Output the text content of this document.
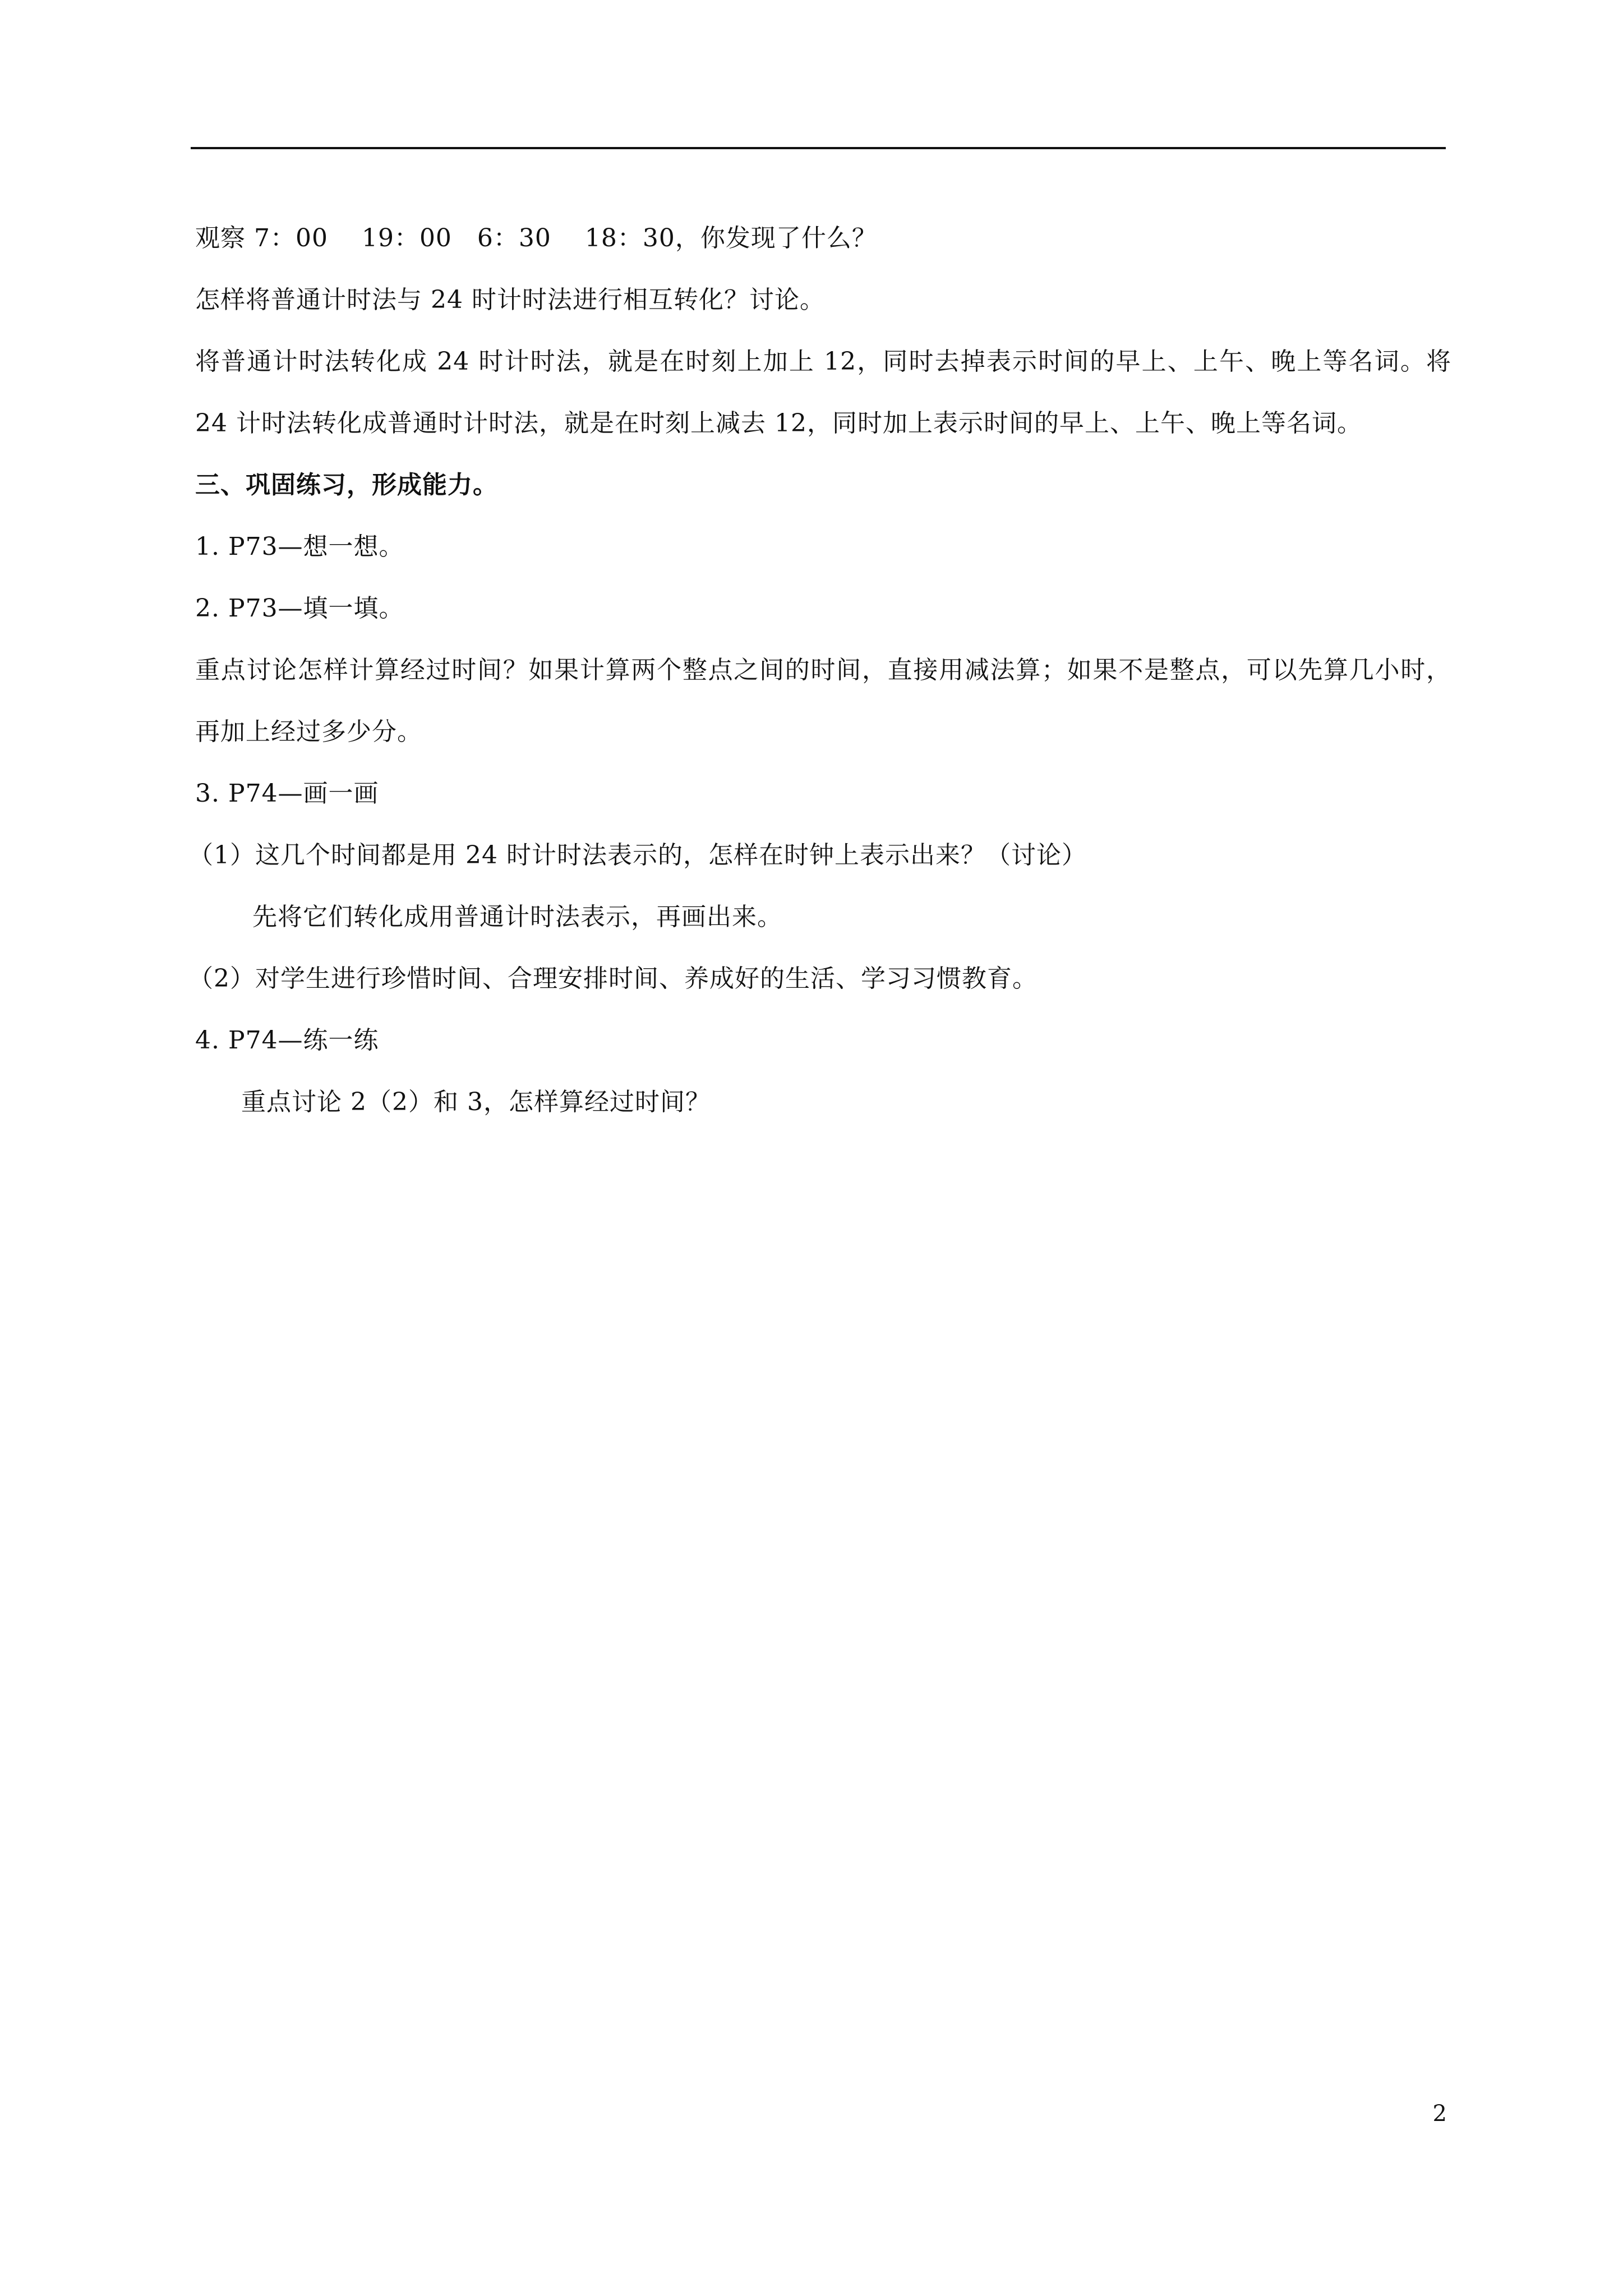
观察 7：00　 19：00　6：30　 18：30，你发现了什么？
怎样将普通计时法与 24 时计时法进行相互转化？讨论。
将普通计时法转化成 24 时计时法，就是在时刻上加上 12，同时去掉表示时间的早上、上午、晚上等名词。将 24 计时法转化成普通时计时法，就是在时刻上减去 12，同时加上表示时间的早上、上午、晚上等名词。
三、巩固练习，形成能力。
1. P73—想一想。
2. P73—填一填。
重点讨论怎样计算经过时间？如果计算两个整点之间的时间，直接用减法算；如果不是整点，可以先算几小时，再加上经过多少分。
3. P74—画一画
（1）这几个时间都是用 24 时计时法表示的，怎样在时钟上表示出来？（讨论）
先将它们转化成用普通计时法表示，再画出来。
（2）对学生进行珍惜时间、合理安排时间、养成好的生活、学习习惯教育。
4. P74—练一练
重点讨论 2（2）和 3，怎样算经过时间？
2
